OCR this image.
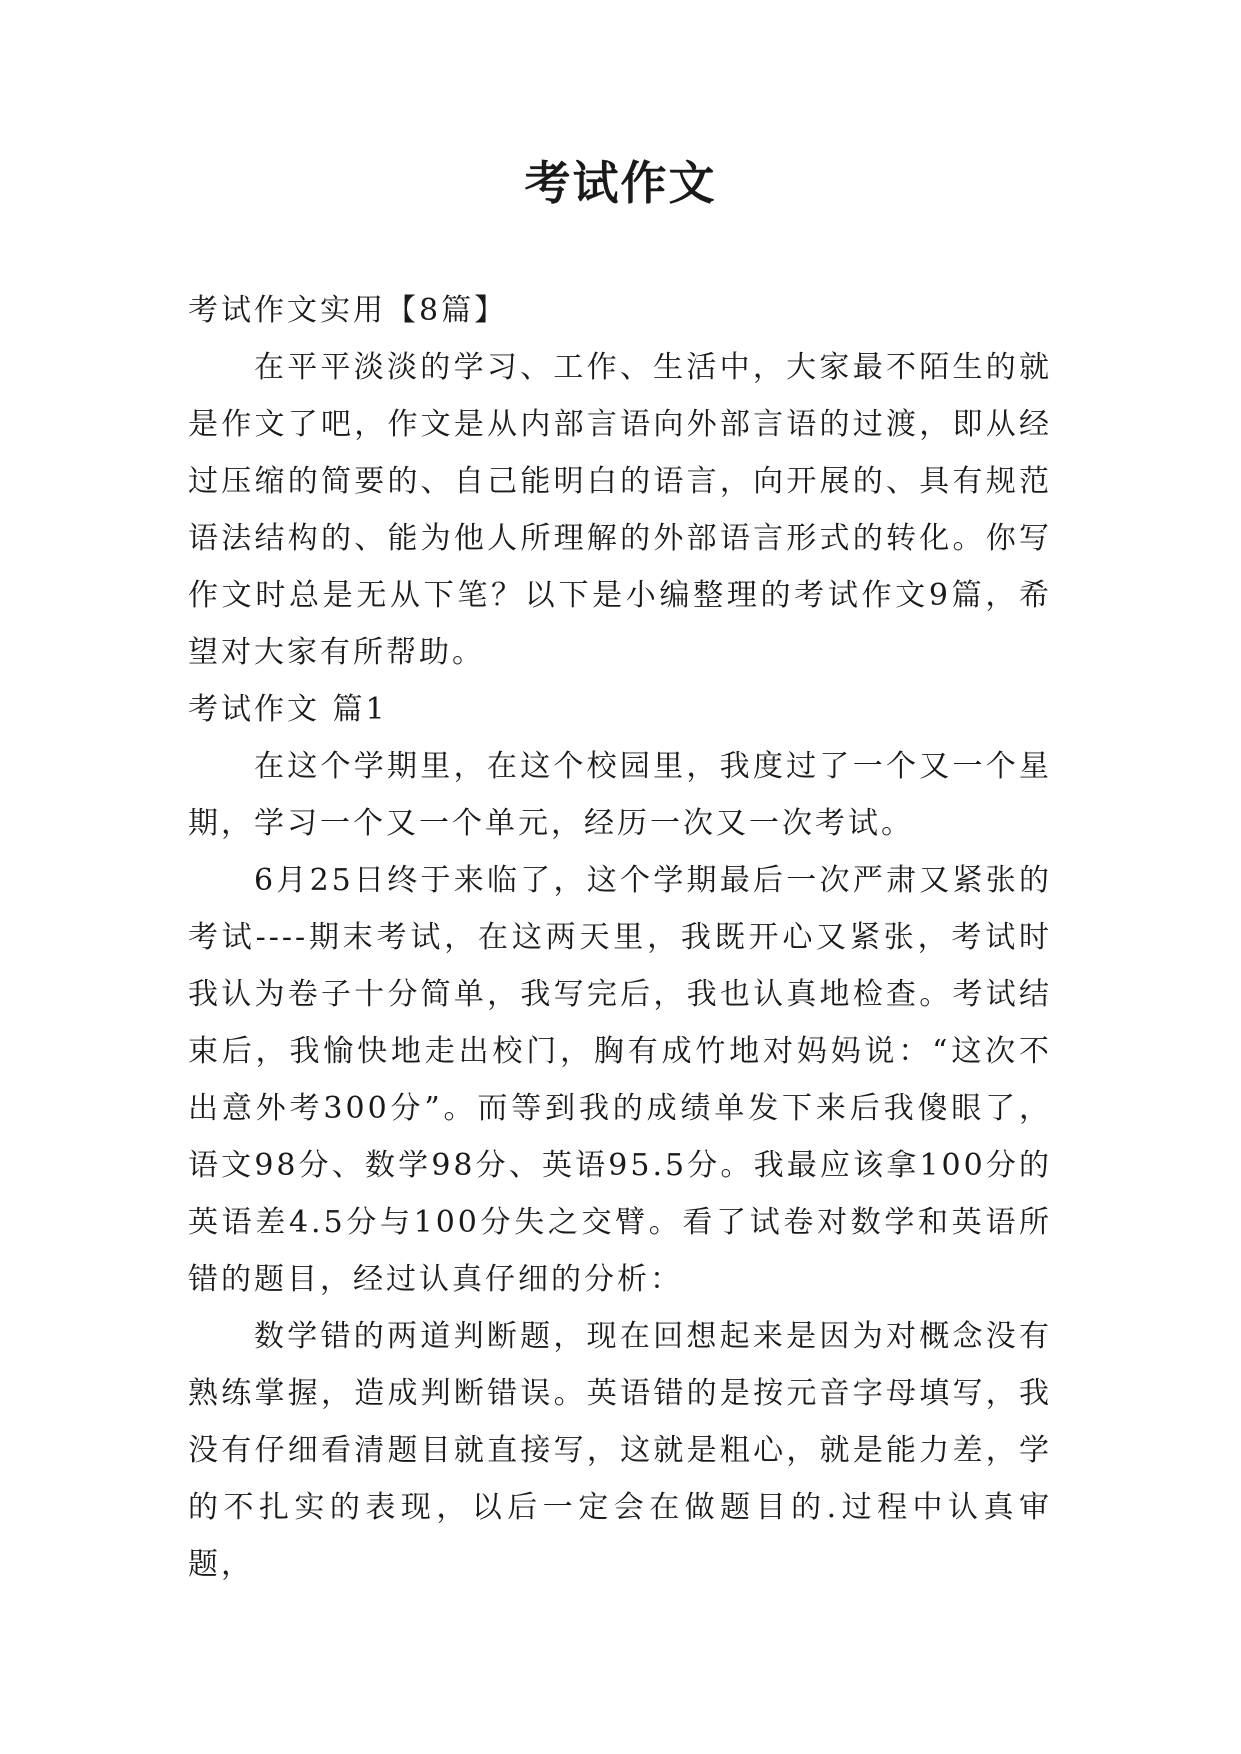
考试作文

考试作文实用【8篇】

在平平淡淡的学习、工作、生活中，大家最不陌生的就是作文了吧，作文是从内部言语向外部言语的过渡，即从经过压缩的简要的、自己能明白的语言，向开展的、具有规范语法结构的、能为他人所理解的外部语言形式的转化。你写作文时总是无从下笔？以下是小编整理的考试作文9篇，希望对大家有所帮助。

考试作文 篇1

在这个学期里，在这个校园里，我度过了一个又一个星期，学习一个又一个单元，经历一次又一次考试。

6月25日终于来临了，这个学期最后一次严肃又紧张的考试----期末考试，在这两天里，我既开心又紧张，考试时我认为卷子十分简单，我写完后，我也认真地检查。考试结束后，我愉快地走出校门，胸有成竹地对妈妈说：“这次不出意外考300分”。而等到我的成绩单发下来后我傻眼了，语文98分、数学98分、英语95.5分。我最应该拿100分的英语差4.5分与100分失之交臂。看了试卷对数学和英语所错的题目，经过认真仔细的分析：

数学错的两道判断题，现在回想起来是因为对概念没有熟练掌握，造成判断错误。英语错的是按元音字母填写，我没有仔细看清题目就直接写，这就是粗心，就是能力差，学的不扎实的表现，以后一定会在做题目的.过程中认真审题，
